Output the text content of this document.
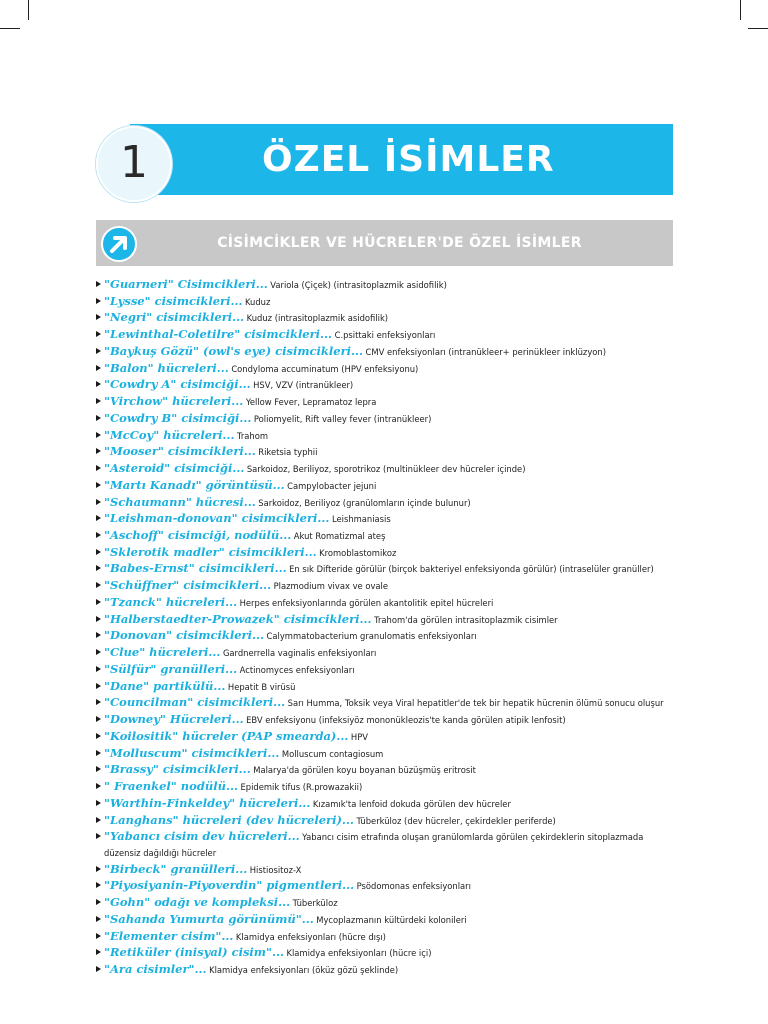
ÖZEL İSİMLER
1
CİSİMCİKLER VE HÜCRELER'DE ÖZEL İSİMLER
"Guarneri" Cisimcikleri... Variola (Çiçek) (intrasitoplazmik asidofilik)
"Lysse" cisimcikleri... Kuduz
"Negri" cisimcikleri... Kuduz (intrasitoplazmik asidofilik)
"Lewinthal-Coletilre" cisimcikleri... C.psittaki enfeksiyonları
"Baykuş Gözü" (owl's eye) cisimcikleri... CMV enfeksiyonları (intranükleer+ perinükleer inklüzyon)
"Balon" hücreleri... Condyloma accuminatum (HPV enfeksiyonu)
"Cowdry A" cisimciği... HSV, VZV (intranükleer)
"Virchow" hücreleri... Yellow Fever, Lepramatoz lepra
"Cowdry B" cisimciği... Poliomyelit, Rift valley fever (intranükleer)
"McCoy" hücreleri... Trahom
"Mooser" cisimcikleri... Riketsia typhii
"Asteroid" cisimciği... Sarkoidoz, Beriliyoz, sporotrikoz (multinükleer dev hücreler içinde)
"Martı Kanadı" görüntüsü... Campylobacter jejuni
"Schaumann" hücresi... Sarkoidoz, Beriliyoz (granülomların içinde bulunur)
"Leishman-donovan" cisimcikleri... Leishmaniasis
"Aschoff" cisimciği, nodülü... Akut Romatizmal ateş
"Sklerotik madler" cisimcikleri... Kromoblastomikoz
"Babes-Ernst" cisimcikleri... En sık Difteride görülür (birçok bakteriyel enfeksiyonda görülür) (intraselüler granüller)
"Schüffner" cisimcikleri... Plazmodium vivax ve ovale
"Tzanck" hücreleri... Herpes enfeksiyonlarında görülen akantolitik epitel hücreleri
"Halberstaedter-Prowazek" cisimcikleri... Trahom'da görülen intrasitoplazmik cisimler
"Donovan" cisimcikleri... Calymmatobacterium granulomatis enfeksiyonları
"Clue" hücreleri... Gardnerrella vaginalis enfeksiyonları
"Sülfür" granülleri... Actinomyces enfeksiyonları
"Dane" partikülü... Hepatit B virüsü
"Councilman" cisimcikleri... Sarı Humma, Toksik veya Viral hepatitler'de tek bir hepatik hücrenin ölümü sonucu oluşur
"Downey" Hücreleri... EBV enfeksiyonu (infeksiyöz mononükleozis'te kanda görülen atipik lenfosit)
"Koilositik" hücreler (PAP smearda)... HPV
"Molluscum" cisimcikleri... Molluscum contagiosum
"Brassy" cisimcikleri... Malarya'da görülen koyu boyanan büzüşmüş eritrosit
" Fraenkel" nodülü... Epidemik tifus (R.prowazakii)
"Warthin-Finkeldey" hücreleri... Kızamık'ta lenfoid dokuda görülen dev hücreler
"Langhans" hücreleri (dev hücreleri)... Tüberküloz (dev hücreler, çekirdekler periferde)
"Yabancı cisim dev hücreleri... Yabancı cisim etrafında oluşan granülomlarda görülen çekirdeklerin sitoplazmada düzensiz dağıldığı hücreler
"Birbeck" granülleri... Histiositoz-X
"Piyosiyanin-Piyoverdin" pigmentleri... Psödomonas enfeksiyonları
"Gohn" odağı ve kompleksi... Tüberküloz
"Sahanda Yumurta görünümü"... Mycoplazmanın kültürdeki kolonileri
"Elementer cisim"... Klamidya enfeksiyonları (hücre dışı)
"Retiküler (inisyal) cisim"... Klamidya enfeksiyonları (hücre içi)
"Ara cisimler"... Klamidya enfeksiyonları (öküz gözü şeklinde)
